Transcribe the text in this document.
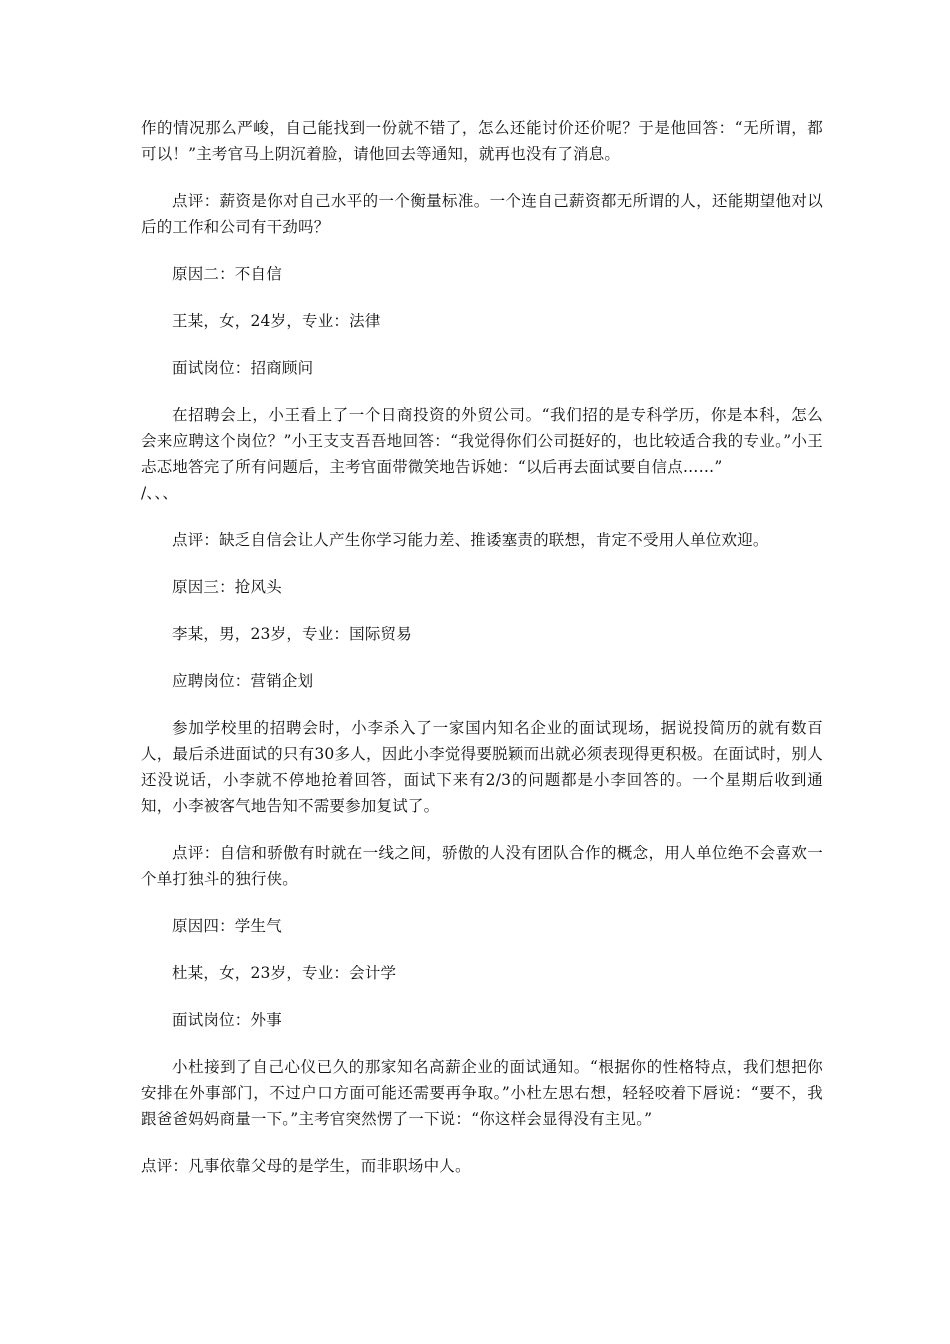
作的情况那么严峻，自己能找到一份就不错了，怎么还能讨价还价呢？于是他回答：“无所谓，都可以！”主考官马上阴沉着脸，请他回去等通知，就再也没有了消息。

点评：薪资是你对自己水平的一个衡量标准。一个连自己薪资都无所谓的人，还能期望他对以后的工作和公司有干劲吗？

原因二：不自信

王某，女，24岁，专业：法律

面试岗位：招商顾问

在招聘会上，小王看上了一个日商投资的外贸公司。“我们招的是专科学历，你是本科，怎么会来应聘这个岗位？”小王支支吾吾地回答：“我觉得你们公司挺好的，也比较适合我的专业。”小王忐忑地答完了所有问题后，主考官面带微笑地告诉她：“以后再去面试要自信点……”

/、、、

点评：缺乏自信会让人产生你学习能力差、推诿塞责的联想，肯定不受用人单位欢迎。

原因三：抢风头

李某，男，23岁，专业：国际贸易

应聘岗位：营销企划

参加学校里的招聘会时，小李杀入了一家国内知名企业的面试现场，据说投简历的就有数百人，最后杀进面试的只有30多人，因此小李觉得要脱颖而出就必须表现得更积极。在面试时，别人还没说话，小李就不停地抢着回答，面试下来有2/3的问题都是小李回答的。一个星期后收到通知，小李被客气地告知不需要参加复试了。

点评：自信和骄傲有时就在一线之间，骄傲的人没有团队合作的概念，用人单位绝不会喜欢一个单打独斗的独行侠。

原因四：学生气

杜某，女，23岁，专业：会计学

面试岗位：外事

小杜接到了自己心仪已久的那家知名高薪企业的面试通知。“根据你的性格特点，我们想把你安排在外事部门，不过户口方面可能还需要再争取。”小杜左思右想，轻轻咬着下唇说：“要不，我跟爸爸妈妈商量一下。”主考官突然愣了一下说：“你这样会显得没有主见。”

点评：凡事依靠父母的是学生，而非职场中人。
